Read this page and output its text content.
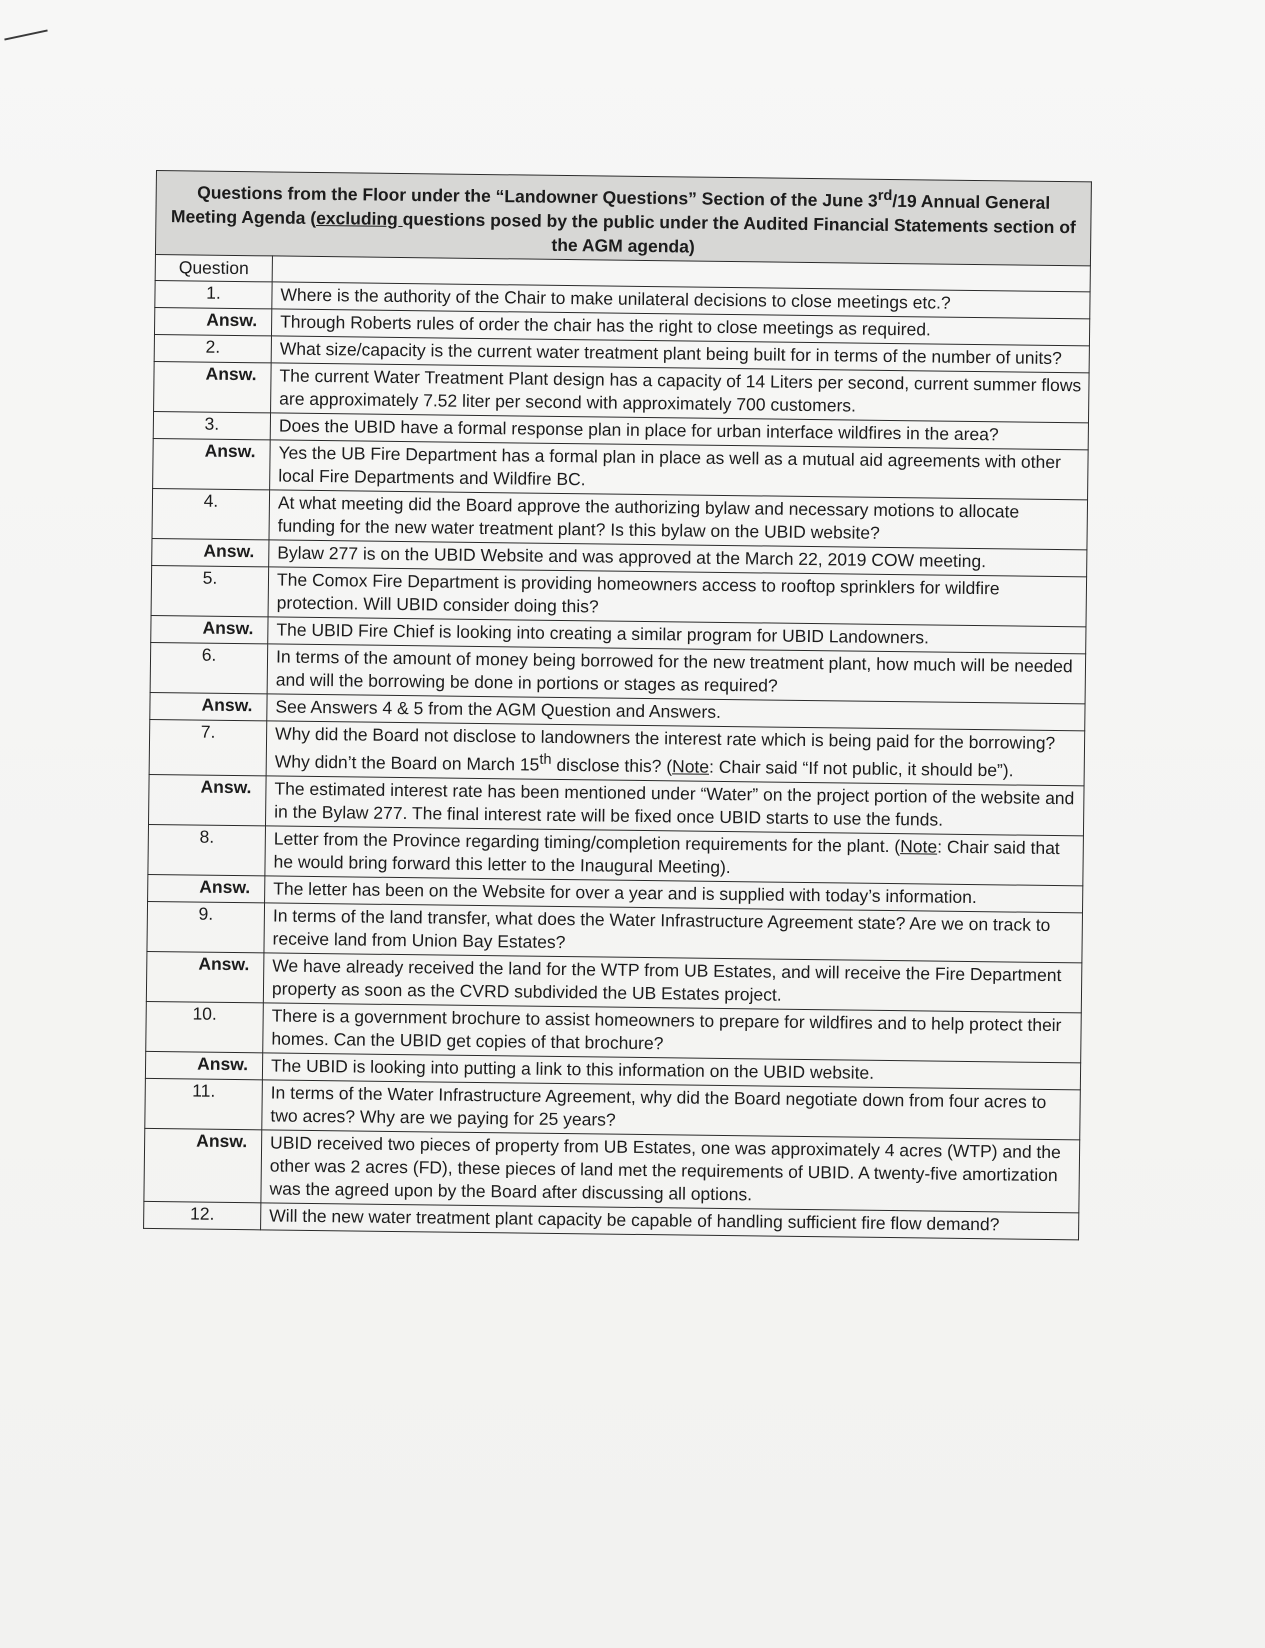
Questions from the Floor under the “Landowner Questions” Section of the June 3rd/19 Annual General Meeting Agenda (excluding questions posed by the public under the Audited Financial Statements section of the AGM agenda)	
Question	
1.	Where is the authority of the Chair to make unilateral decisions to close meetings etc.?
Answ.	Through Roberts rules of order the chair has the right to close meetings as required.
2.	What size/capacity is the current water treatment plant being built for in terms of the number of units?
Answ.	The current Water Treatment Plant design has a capacity of 14 Liters per second, current summer flows are approximately 7.52 liter per second with approximately 700 customers.
3.	Does the UBID have a formal response plan in place for urban interface wildfires in the area?
Answ.	Yes the UB Fire Department has a formal plan in place as well as a mutual aid agreements with other local Fire Departments and Wildfire BC.
4.	At what meeting did the Board approve the authorizing bylaw and necessary motions to allocate funding for the new water treatment plant? Is this bylaw on the UBID website?
Answ.	Bylaw 277 is on the UBID Website and was approved at the March 22, 2019 COW meeting.
5.	The Comox Fire Department is providing homeowners access to rooftop sprinklers for wildfire protection. Will UBID consider doing this?
Answ.	The UBID Fire Chief is looking into creating a similar program for UBID Landowners.
6.	In terms of the amount of money being borrowed for the new treatment plant, how much will be needed and will the borrowing be done in portions or stages as required?
Answ.	See Answers 4 & 5 from the AGM Question and Answers.
7.	Why did the Board not disclose to landowners the interest rate which is being paid for the borrowing? Why didn’t the Board on March 15th disclose this? (Note: Chair said “If not public, it should be”).
Answ.	The estimated interest rate has been mentioned under “Water” on the project portion of the website and in the Bylaw 277. The final interest rate will be fixed once UBID starts to use the funds.
8.	Letter from the Province regarding timing/completion requirements for the plant. (Note: Chair said that he would bring forward this letter to the Inaugural Meeting).
Answ.	The letter has been on the Website for over a year and is supplied with today’s information.
9.	In terms of the land transfer, what does the Water Infrastructure Agreement state? Are we on track to receive land from Union Bay Estates?
Answ.	We have already received the land for the WTP from UB Estates, and will receive the Fire Department property as soon as the CVRD subdivided the UB Estates project.
10.	There is a government brochure to assist homeowners to prepare for wildfires and to help protect their homes. Can the UBID get copies of that brochure?
Answ.	The UBID is looking into putting a link to this information on the UBID website.
11.	In terms of the Water Infrastructure Agreement, why did the Board negotiate down from four acres to two acres? Why are we paying for 25 years?
Answ.	UBID received two pieces of property from UB Estates, one was approximately 4 acres (WTP) and the other was 2 acres (FD), these pieces of land met the requirements of UBID. A twenty-five amortization was the agreed upon by the Board after discussing all options.
12.	Will the new water treatment plant capacity be capable of handling sufficient fire flow demand?
